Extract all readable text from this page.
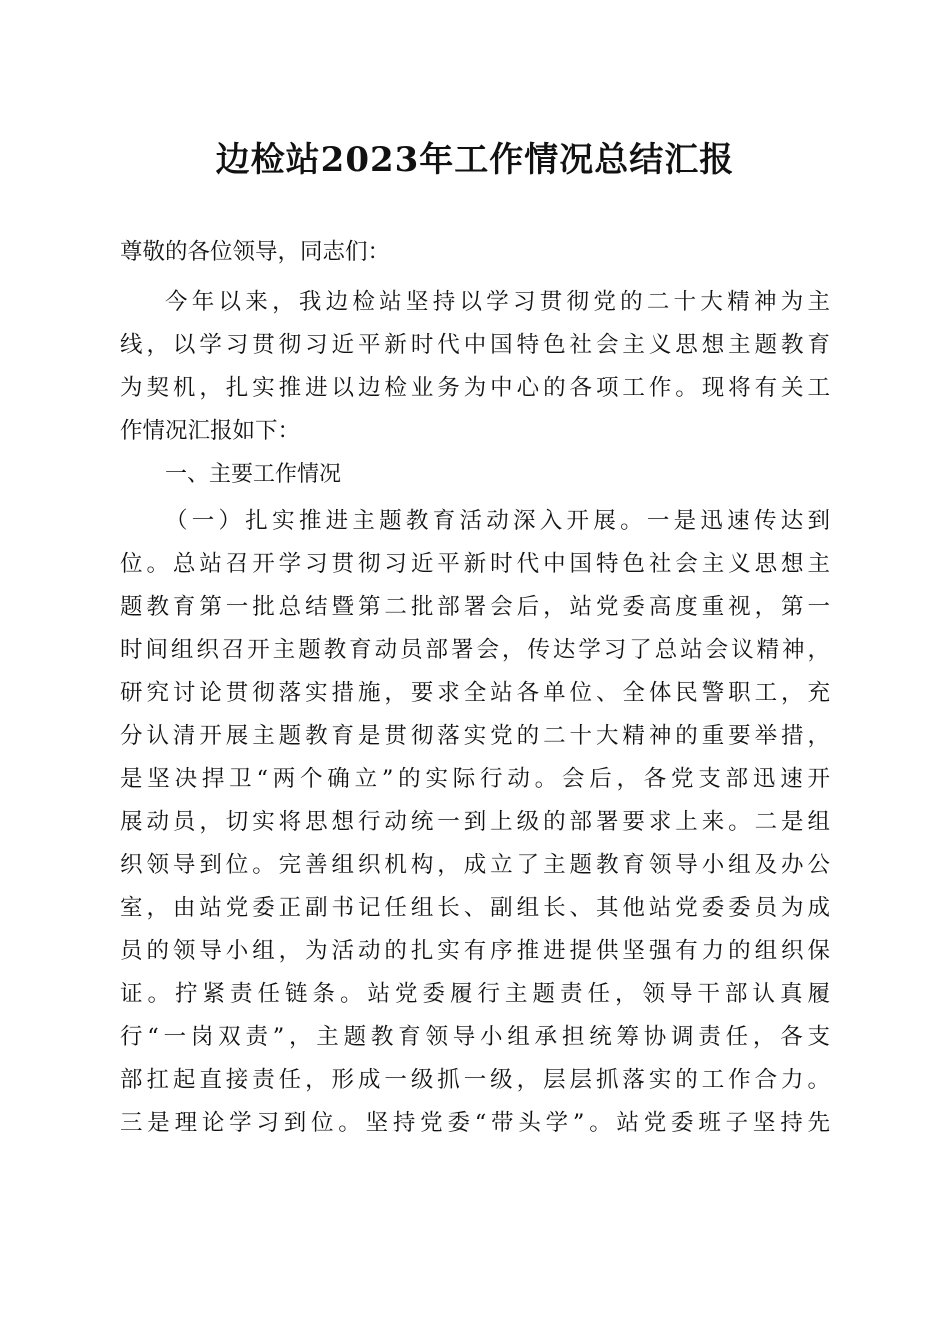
边检站2023年工作情况总结汇报

尊敬的各位领导，同志们：

今年以来，我边检站坚持以学习贯彻党的二十大精神为主

线，以学习贯彻习近平新时代中国特色社会主义思想主题教育

为契机，扎实推进以边检业务为中心的各项工作。现将有关工

作情况汇报如下：

一、主要工作情况

（一）扎实推进主题教育活动深入开展。一是迅速传达到

位。总站召开学习贯彻习近平新时代中国特色社会主义思想主

题教育第一批总结暨第二批部署会后，站党委高度重视，第一

时间组织召开主题教育动员部署会，传达学习了总站会议精神，

研究讨论贯彻落实措施，要求全站各单位、全体民警职工，充

分认清开展主题教育是贯彻落实党的二十大精神的重要举措，

是坚决捍卫“两个确立”的实际行动。会后，各党支部迅速开

展动员，切实将思想行动统一到上级的部署要求上来。二是组

织领导到位。完善组织机构，成立了主题教育领导小组及办公

室，由站党委正副书记任组长、副组长、其他站党委委员为成

员的领导小组，为活动的扎实有序推进提供坚强有力的组织保

证。拧紧责任链条。站党委履行主题责任，领导干部认真履

行“一岗双责”，主题教育领导小组承担统筹协调责任，各支

部扛起直接责任，形成一级抓一级，层层抓落实的工作合力。

三是理论学习到位。坚持党委“带头学”。站党委班子坚持先
